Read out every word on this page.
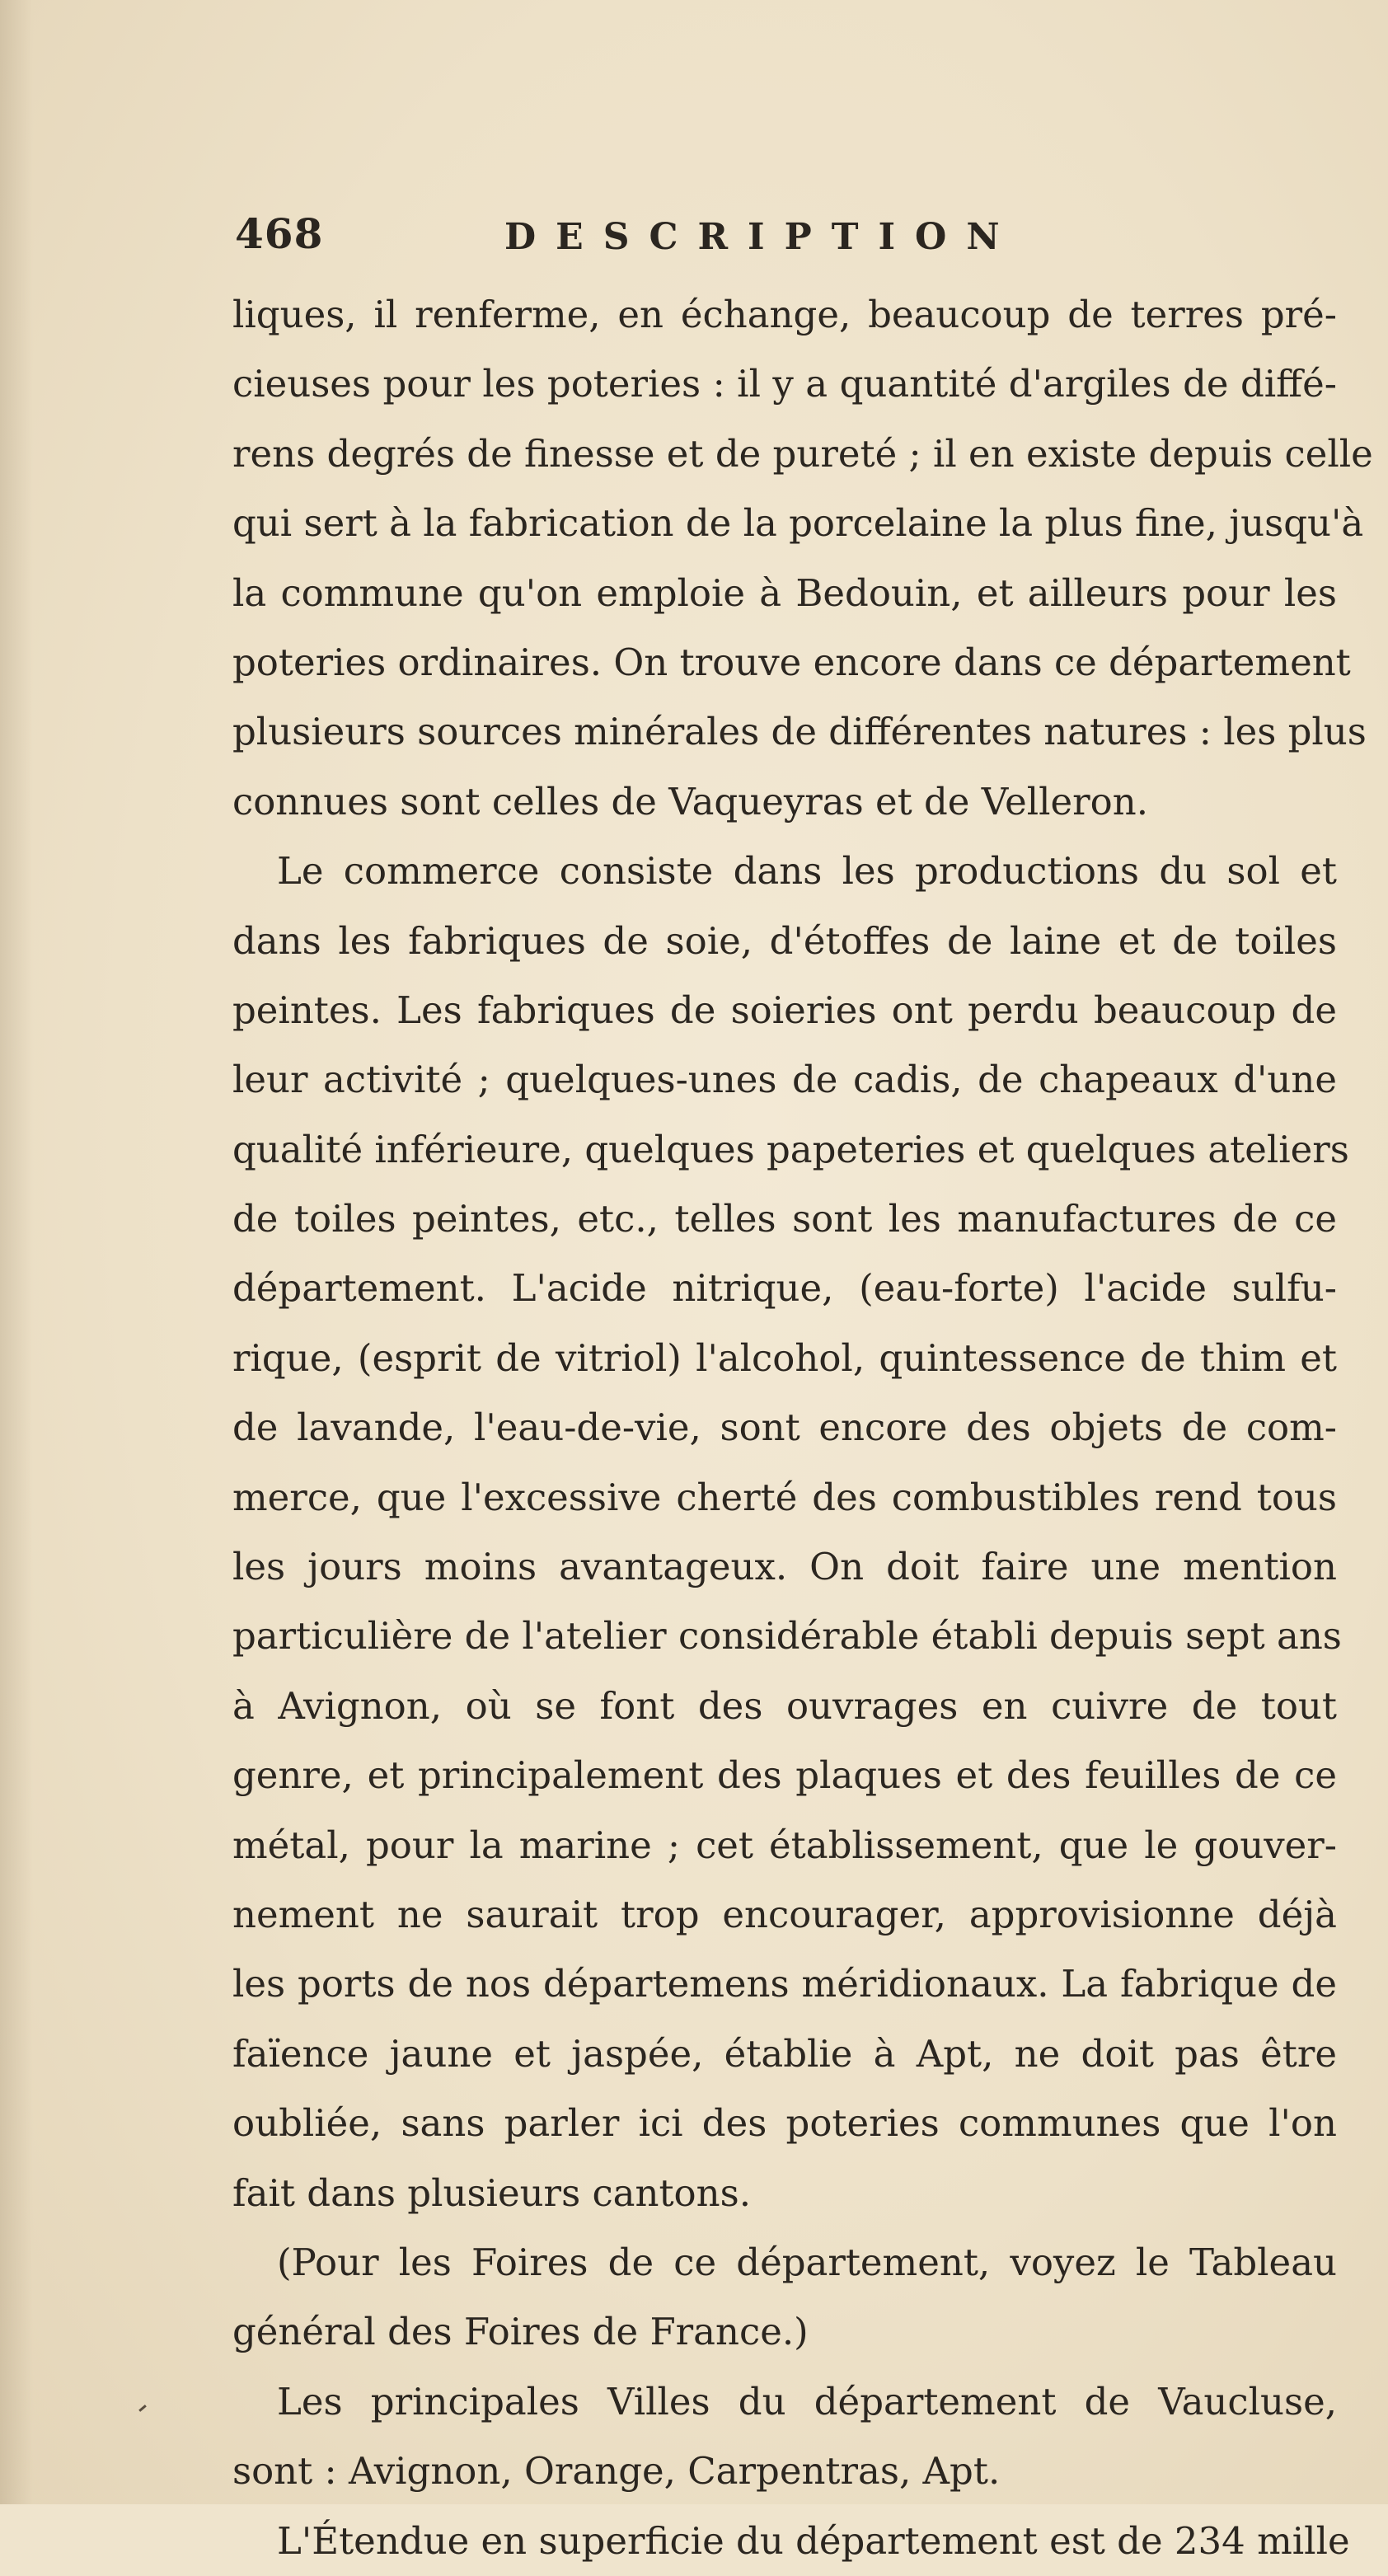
468	DESCRIPTION
liques, il renferme, en échange, beaucoup de terres pré-
cieuses pour les poteries : il y a quantité d'argiles de diffé-
rens degrés de finesse et de pureté ; il en existe depuis celle
qui sert à la fabrication de la porcelaine la plus fine, jusqu'à
la commune qu'on emploie à Bedouin, et ailleurs pour les
poteries ordinaires. On trouve encore dans ce département
plusieurs sources minérales de différentes natures : les plus
connues sont celles de Vaqueyras et de Velleron.
Le commerce consiste dans les productions du sol et
dans les fabriques de soie, d'étoffes de laine et de toiles
peintes. Les fabriques de soieries ont perdu beaucoup de
leur activité ; quelques-unes de cadis, de chapeaux d'une
qualité inférieure, quelques papeteries et quelques ateliers
de toiles peintes, etc., telles sont les manufactures de ce
département. L'acide nitrique, (eau-forte) l'acide sulfu-
rique, (esprit de vitriol) l'alcohol, quintessence de thim et
de lavande, l'eau-de-vie, sont encore des objets de com-
merce, que l'excessive cherté des combustibles rend tous
les jours moins avantageux. On doit faire une mention
particulière de l'atelier considérable établi depuis sept ans
à Avignon, où se font des ouvrages en cuivre de tout
genre, et principalement des plaques et des feuilles de ce
métal, pour la marine ; cet établissement, que le gouver-
nement ne saurait trop encourager, approvisionne déjà
les ports de nos départemens méridionaux. La fabrique de
faïence jaune et jaspée, établie à Apt, ne doit pas être
oubliée, sans parler ici des poteries communes que l'on
fait dans plusieurs cantons.
(Pour les Foires de ce département, voyez le Tableau
général des Foires de France.)
Les principales Villes du département de Vaucluse,
sont : Avignon, Orange, Carpentras, Apt.
L'Étendue en superficie du département est de 234 mille
